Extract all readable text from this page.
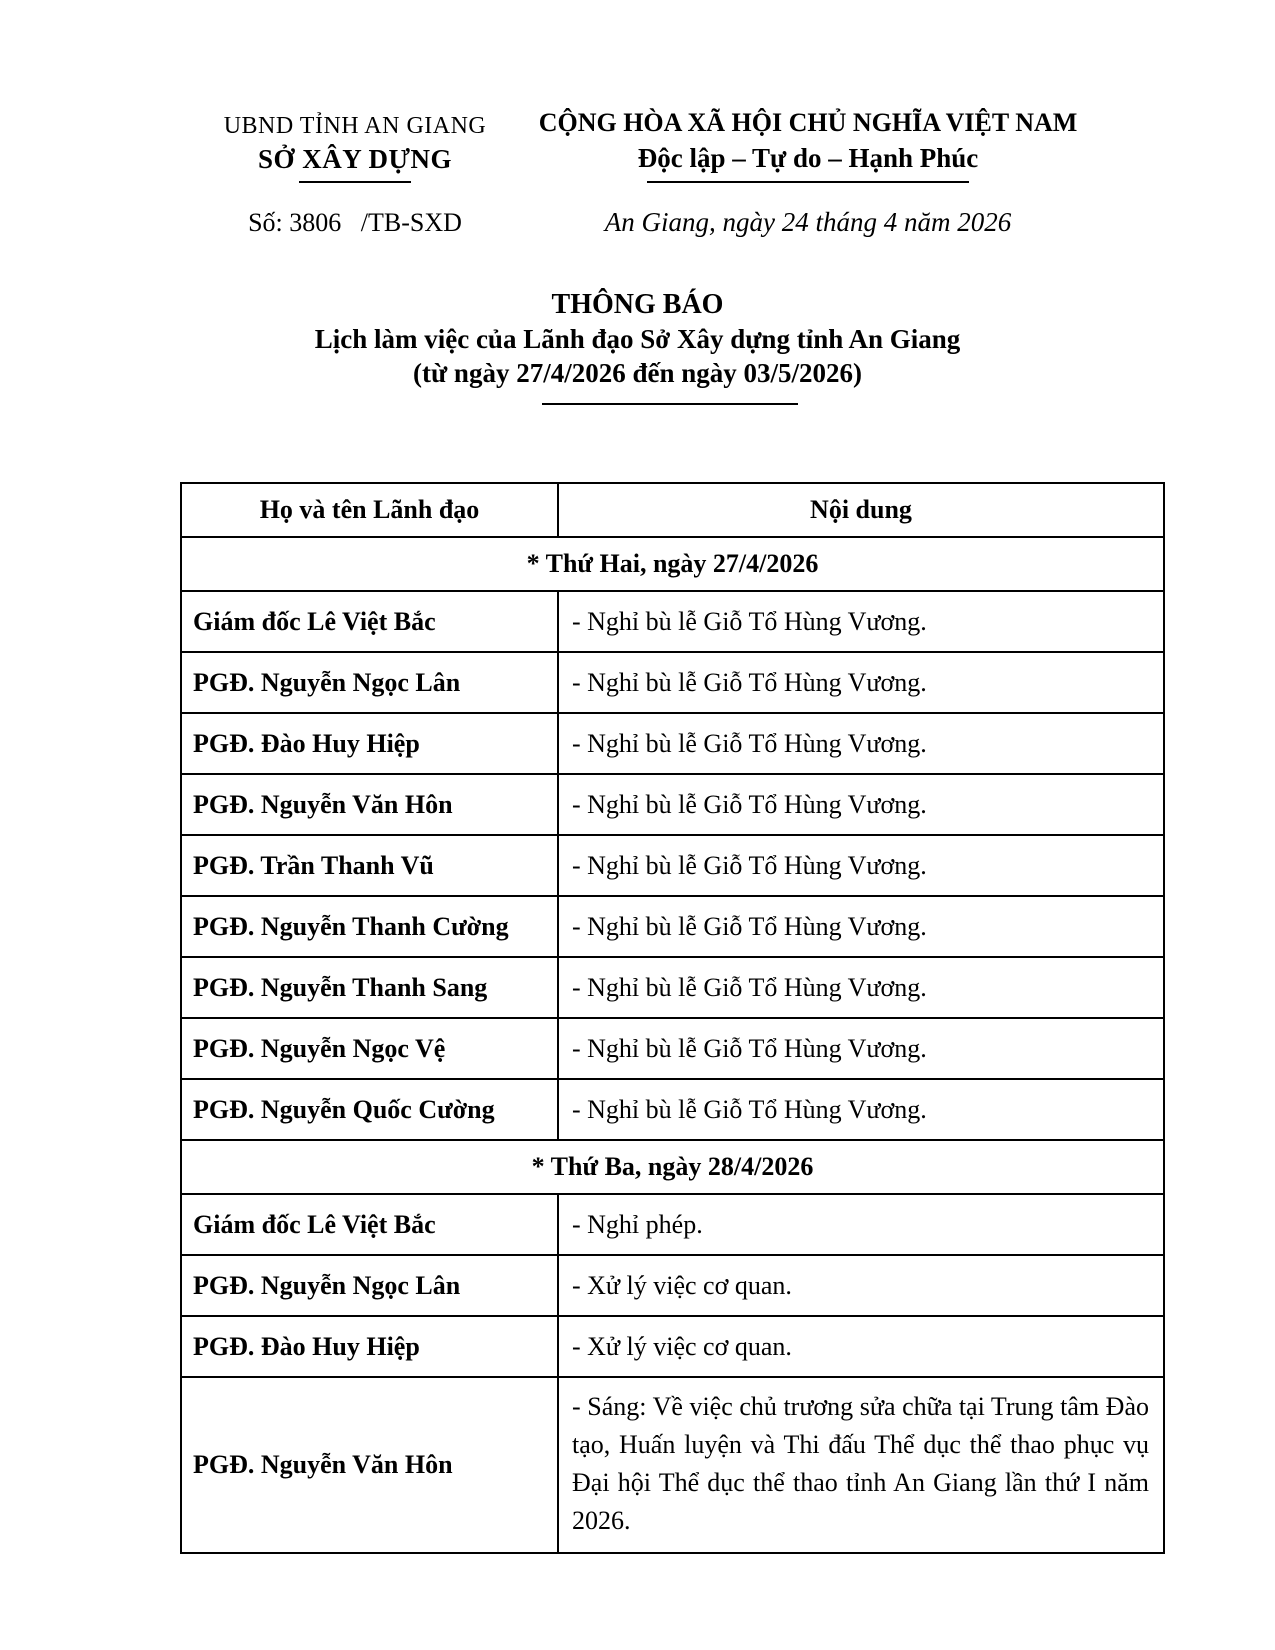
UBND TỈNH AN GIANG
SỞ XÂY DỰNG
Số: 3806   /TB-SXD
CỘNG HÒA XÃ HỘI CHỦ NGHĨA VIỆT NAM
Độc lập – Tự do – Hạnh Phúc
An Giang, ngày 24 tháng 4 năm 2026
THÔNG BÁO
Lịch làm việc của Lãnh đạo Sở Xây dựng tỉnh An Giang
(từ ngày 27/4/2026 đến ngày 03/5/2026)
Họ và tên Lãnh đạo	Nội dung
* Thứ Hai, ngày 27/4/2026	
Giám đốc Lê Việt Bắc	- Nghỉ bù lễ Giỗ Tổ Hùng Vương.
PGĐ. Nguyễn Ngọc Lân	- Nghỉ bù lễ Giỗ Tổ Hùng Vương.
PGĐ. Đào Huy Hiệp	- Nghỉ bù lễ Giỗ Tổ Hùng Vương.
PGĐ. Nguyễn Văn Hôn	- Nghỉ bù lễ Giỗ Tổ Hùng Vương.
PGĐ. Trần Thanh Vũ	- Nghỉ bù lễ Giỗ Tổ Hùng Vương.
PGĐ. Nguyễn Thanh Cường	- Nghỉ bù lễ Giỗ Tổ Hùng Vương.
PGĐ. Nguyễn Thanh Sang	- Nghỉ bù lễ Giỗ Tổ Hùng Vương.
PGĐ. Nguyễn Ngọc Vệ	- Nghỉ bù lễ Giỗ Tổ Hùng Vương.
PGĐ. Nguyễn Quốc Cường	- Nghỉ bù lễ Giỗ Tổ Hùng Vương.
* Thứ Ba, ngày 28/4/2026	
Giám đốc Lê Việt Bắc	- Nghỉ phép.
PGĐ. Nguyễn Ngọc Lân	- Xử lý việc cơ quan.
PGĐ. Đào Huy Hiệp	- Xử lý việc cơ quan.
PGĐ. Nguyễn Văn Hôn	- Sáng: Về việc chủ trương sửa chữa tại Trung tâm Đào tạo, Huấn luyện và Thi đấu Thể dục thể thao phục vụ Đại hội Thể dục thể thao tỉnh An Giang lần thứ I năm 2026.
